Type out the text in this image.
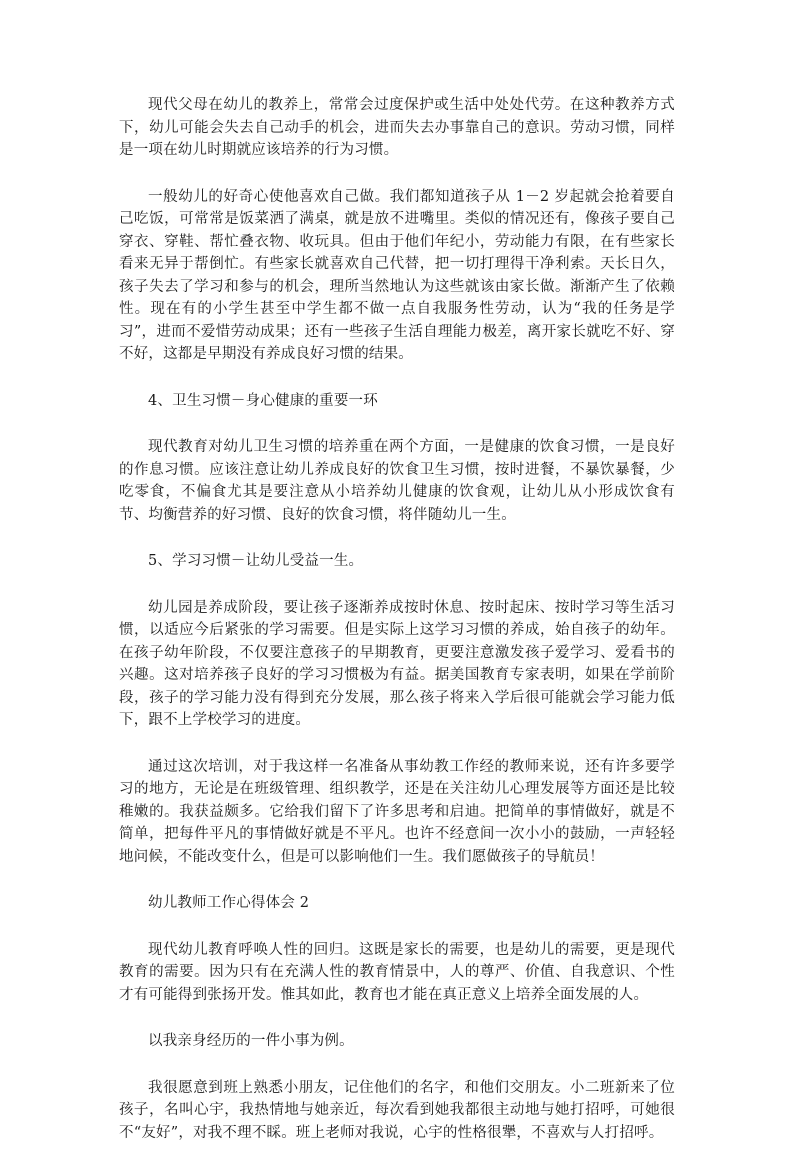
现代父母在幼儿的教养上，常常会过度保护或生活中处处代劳。在这种教养方式下，幼儿可能会失去自己动手的机会，进而失去办事靠自己的意识。劳动习惯，同样是一项在幼儿时期就应该培养的行为习惯。

一般幼儿的好奇心使他喜欢自己做。我们都知道孩子从 1－2 岁起就会抢着要自己吃饭，可常常是饭菜洒了满桌，就是放不进嘴里。类似的情况还有，像孩子要自己穿衣、穿鞋、帮忙叠衣物、收玩具。但由于他们年纪小，劳动能力有限，在有些家长看来无异于帮倒忙。有些家长就喜欢自己代替，把一切打理得干净利索。天长日久，孩子失去了学习和参与的机会，理所当然地认为这些就该由家长做。渐渐产生了依赖性。现在有的小学生甚至中学生都不做一点自我服务性劳动，认为“我的任务是学习”，进而不爱惜劳动成果；还有一些孩子生活自理能力极差，离开家长就吃不好、穿不好，这都是早期没有养成良好习惯的结果。

4、卫生习惯－身心健康的重要一环

现代教育对幼儿卫生习惯的培养重在两个方面，一是健康的饮食习惯，一是良好的作息习惯。应该注意让幼儿养成良好的饮食卫生习惯，按时进餐，不暴饮暴餐，少吃零食，不偏食尤其是要注意从小培养幼儿健康的饮食观，让幼儿从小形成饮食有节、均衡营养的好习惯、良好的饮食习惯，将伴随幼儿一生。

5、学习习惯－让幼儿受益一生。

幼儿园是养成阶段，要让孩子逐渐养成按时休息、按时起床、按时学习等生活习惯，以适应今后紧张的学习需要。但是实际上这学习习惯的养成，始自孩子的幼年。在孩子幼年阶段，不仅要注意孩子的早期教育，更要注意激发孩子爱学习、爱看书的兴趣。这对培养孩子良好的学习习惯极为有益。据美国教育专家表明，如果在学前阶段，孩子的学习能力没有得到充分发展，那么孩子将来入学后很可能就会学习能力低下，跟不上学校学习的进度。

通过这次培训，对于我这样一名准备从事幼教工作经的教师来说，还有许多要学习的地方，无论是在班级管理、组织教学，还是在关注幼儿心理发展等方面还是比较稚嫩的。我获益颇多。它给我们留下了许多思考和启迪。把简单的事情做好，就是不简单，把每件平凡的事情做好就是不平凡。也许不经意间一次小小的鼓励，一声轻轻地问候，不能改变什么，但是可以影响他们一生。我们愿做孩子的导航员！

幼儿教师工作心得体会 2

现代幼儿教育呼唤人性的回归。这既是家长的需要，也是幼儿的需要，更是现代教育的需要。因为只有在充满人性的教育情景中，人的尊严、价值、自我意识、个性才有可能得到张扬开发。惟其如此，教育也才能在真正意义上培养全面发展的人。

以我亲身经历的一件小事为例。

我很愿意到班上熟悉小朋友，记住他们的名字，和他们交朋友。小二班新来了位孩子，名叫心宇，我热情地与她亲近，每次看到她我都很主动地与她打招呼，可她很不“友好”，对我不理不睬。班上老师对我说，心宇的性格很犟，不喜欢与人打招呼。
